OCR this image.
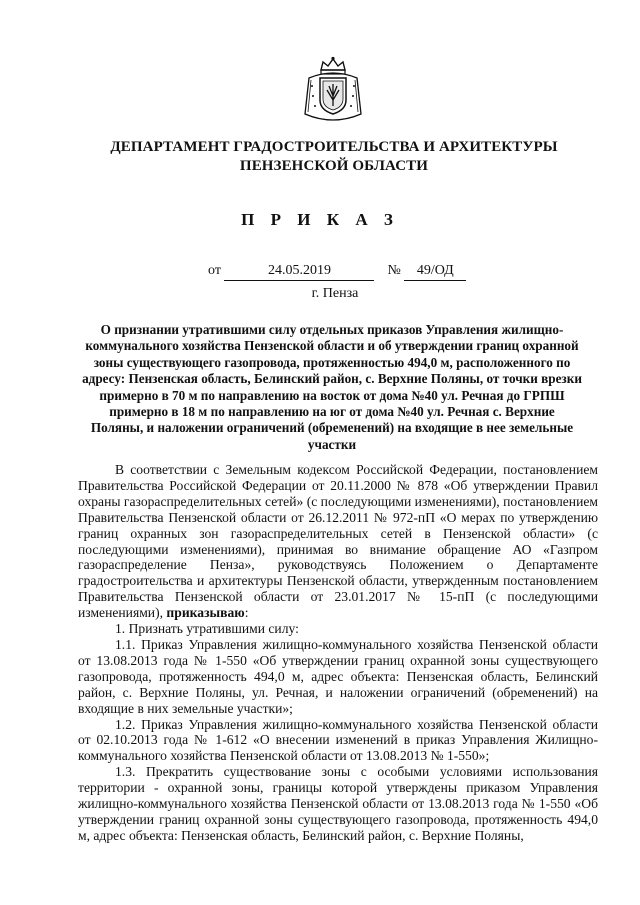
ДЕПАРТАМЕНТ ГРАДОСТРОИТЕЛЬСТВА И АРХИТЕКТУРЫ
ПЕНЗЕНСКОЙ ОБЛАСТИ
П Р И К А З
от	24.05.2019	№ 49/ОД
г. Пенза
О признании утратившими силу отдельных приказов Управления жилищно-коммунального хозяйства Пензенской области и об утверждении границ охранной зоны существующего газопровода, протяженностью 494,0 м, расположенного по адресу: Пензенская область, Белинский район, с. Верхние Поляны, от точки врезки примерно в 70 м по направлению на восток от дома №40 ул. Речная до ГРПШ примерно в 18 м по направлению на юг от дома №40 ул. Речная с. Верхние Поляны, и наложении ограничений (обременений) на входящие в нее земельные участки

В соответствии с Земельным кодексом Российской Федерации, постановлением Правительства Российской Федерации от 20.11.2000 № 878 «Об утверждении Правил охраны газораспределительных сетей» (с последующими изменениями), постановлением Правительства Пензенской области от 26.12.2011 № 972-пП «О мерах по утверждению границ охранных зон газораспределительных сетей в Пензенской области» (с последующими изменениями), принимая во внимание обращение АО «Газпром газораспределение Пенза», руководствуясь Положением о Департаменте градостроительства и архитектуры Пензенской области, утвержденным постановлением Правительства Пензенской области от 23.01.2017 № 15-пП (с последующими изменениями), приказываю:

1. Признать утратившими силу:

1.1. Приказ Управления жилищно-коммунального хозяйства Пензенской области от 13.08.2013 года № 1-550 «Об утверждении границ охранной зоны существующего газопровода, протяженность 494,0 м, адрес объекта: Пензенская область, Белинский район, с. Верхние Поляны, ул. Речная, и наложении ограничений (обременений) на входящие в них земельные участки»;

1.2. Приказ Управления жилищно-коммунального хозяйства Пензенской области от 02.10.2013 года № 1-612 «О внесении изменений в приказ Управления Жилищно-коммунального хозяйства Пензенской области от 13.08.2013 № 1-550»;

1.3. Прекратить существование зоны с особыми условиями использования территории - охранной зоны, границы которой утверждены приказом Управления жилищно-коммунального хозяйства Пензенской области от 13.08.2013 года № 1-550 «Об утверждении границ охранной зоны существующего газопровода, протяженность 494,0 м, адрес объекта: Пензенская область, Белинский район, с. Верхние Поляны,
